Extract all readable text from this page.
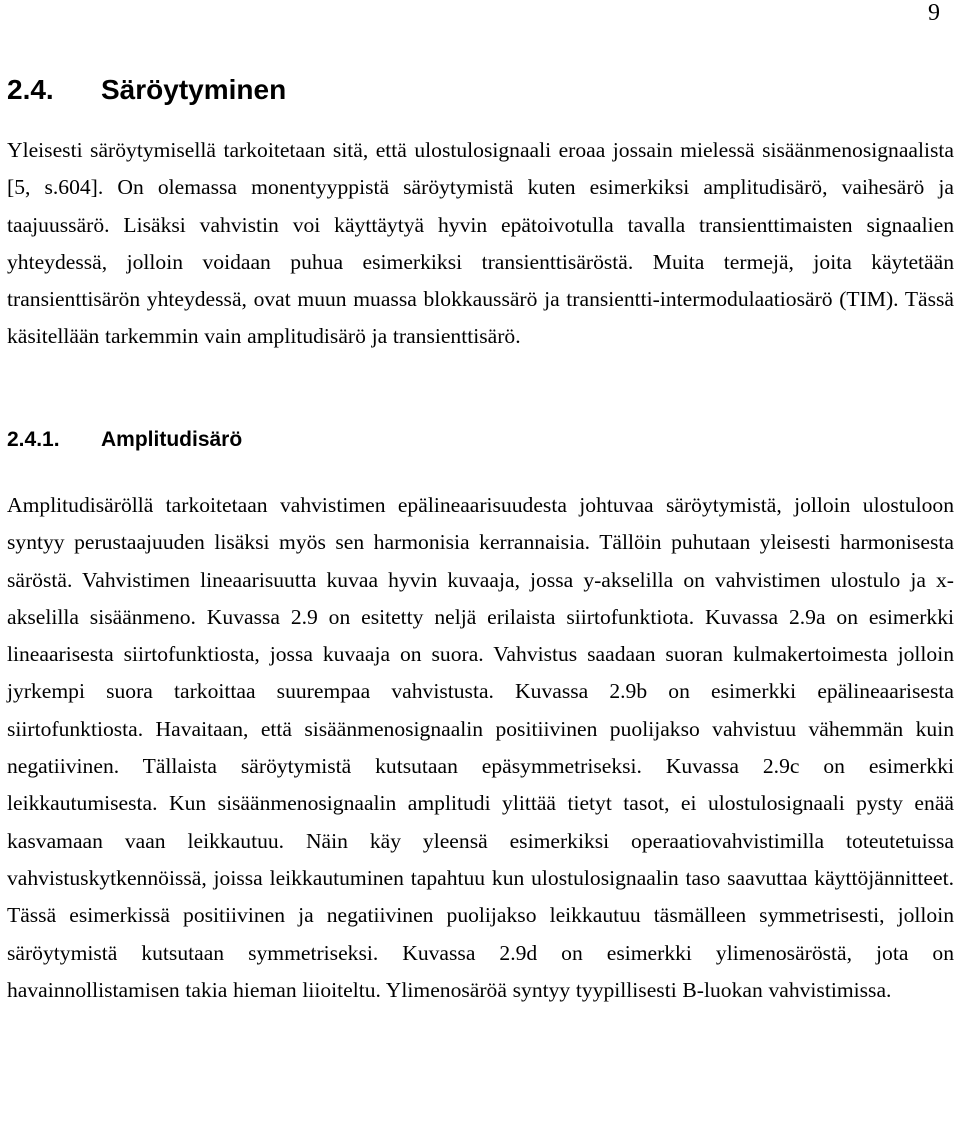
9
2.4. Säröytyminen

Yleisesti säröytymisellä tarkoitetaan sitä, että ulostulosignaali eroaa jossain mielessä sisäänmenosignaalista [5, s.604]. On olemassa monentyyppistä säröytymistä kuten esimerkiksi amplitudisärö, vaihesärö ja taajuussärö. Lisäksi vahvistin voi käyttäytyä hyvin epätoivotulla tavalla transienttimaisten signaalien yhteydessä, jolloin voidaan puhua esimerkiksi transienttisäröstä. Muita termejä, joita käytetään transienttisärön yhteydessä, ovat muun muassa blokkaussärö ja transientti-intermodulaatiosärö (TIM). Tässä käsitellään tarkemmin vain amplitudisärö ja transienttisärö.

2.4.1. Amplitudisärö

Amplitudisäröllä tarkoitetaan vahvistimen epälineaarisuudesta johtuvaa säröytymistä, jolloin ulostuloon syntyy perustaajuuden lisäksi myös sen harmonisia kerrannaisia. Tällöin puhutaan yleisesti harmonisesta säröstä. Vahvistimen lineaarisuutta kuvaa hyvin kuvaaja, jossa y-akselilla on vahvistimen ulostulo ja x-akselilla sisäänmeno. Kuvassa 2.9 on esitetty neljä erilaista siirtofunktiota. Kuvassa 2.9a on esimerkki lineaarisesta siirtofunktiosta, jossa kuvaaja on suora. Vahvistus saadaan suoran kulmakertoimesta jolloin jyrkempi suora tarkoittaa suurempaa vahvistusta. Kuvassa 2.9b on esimerkki epälineaarisesta siirtofunktiosta. Havaitaan, että sisäänmenosignaalin positiivinen puolijakso vahvistuu vähemmän kuin negatiivinen. Tällaista säröytymistä kutsutaan epäsymmetriseksi. Kuvassa 2.9c on esimerkki leikkautumisesta. Kun sisäänmenosignaalin amplitudi ylittää tietyt tasot, ei ulostulosignaali pysty enää kasvamaan vaan leikkautuu. Näin käy yleensä esimerkiksi operaatiovahvistimilla toteutetuissa vahvistuskytkennöissä, joissa leikkautuminen tapahtuu kun ulostulosignaalin taso saavuttaa käyttöjännitteet. Tässä esimerkissä positiivinen ja negatiivinen puolijakso leikkautuu täsmälleen symmetrisesti, jolloin säröytymistä kutsutaan symmetriseksi. Kuvassa 2.9d on esimerkki ylimenosäröstä, jota on havainnollistamisen takia hieman liioiteltu. Ylimenosäröä syntyy tyypillisesti B-luokan vahvistimissa.
